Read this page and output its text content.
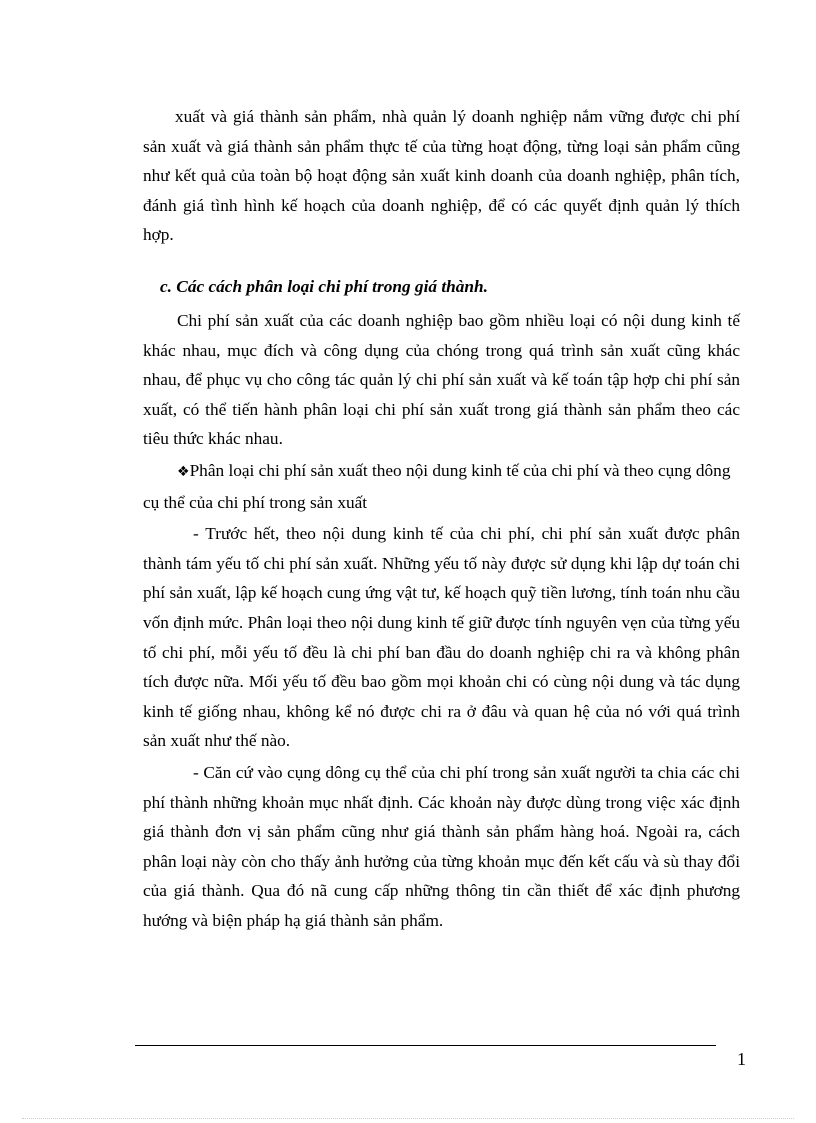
xuất và giá thành sản phẩm, nhà quản lý doanh nghiệp nắm vững được chi phí sản xuất và giá thành sản phẩm thực tế của từng hoạt động, từng loại sản phẩm cũng như kết quả của toàn bộ hoạt động sản xuất kinh doanh của doanh nghiệp, phân tích, đánh giá tình hình kế hoạch của doanh nghiệp, để có các quyết định quản lý thích hợp.

c. Các cách phân loại chi phí trong giá thành.

Chi phí sản xuất của các doanh nghiệp bao gồm nhiều loại có nội dung kinh tế khác nhau, mục đích và công dụng của chóng trong quá trình sản xuất cũng khác nhau, để phục vụ cho công tác quản lý chi phí sản xuất và kế toán tập hợp chi phí sản xuất, có thể tiến hành phân loại chi phí sản xuất trong giá thành sản phẩm theo các tiêu thức khác nhau.

❖Phân loại chi phí sản xuất theo nội dung kinh tế của chi phí và theo cụng dông cụ thể của chi phí trong sản xuất

- Trước hết, theo nội dung kinh tế của chi phí, chi phí sản xuất được phân thành tám yếu tố chi phí sản xuất. Những yếu tố này được sử dụng khi lập dự toán chi phí sản xuất, lập kế hoạch cung ứng vật tư, kế hoạch quỹ tiền lương, tính toán nhu cầu vốn định mức. Phân loại theo nội dung kinh tế giữ được tính nguyên vẹn của từng yếu tố chi phí, mỗi yếu tố đều là chi phí ban đầu do doanh nghiệp chi ra và không phân tích được nữa. Mối yếu tố đều bao gồm mọi khoản chi có cùng nội dung và tác dụng kinh tế giống nhau, không kể nó được chi ra ở đâu và quan hệ của nó với quá trình sản xuất như thế nào.

- Căn cứ vào cụng dông cụ thể của chi phí trong sản xuất người ta chia các chi phí thành những khoản mục nhất định. Các khoản này được dùng trong việc xác định giá thành đơn vị sản phẩm cũng như giá thành sản phẩm hàng hoá. Ngoài ra, cách phân loại này còn cho thấy ảnh hưởng của từng khoản mục đến kết cấu và sù thay đổi của giá thành. Qua đó nã cung cấp những thông tin cần thiết để xác định phương hướng và biện pháp hạ giá thành sản phẩm.

1
